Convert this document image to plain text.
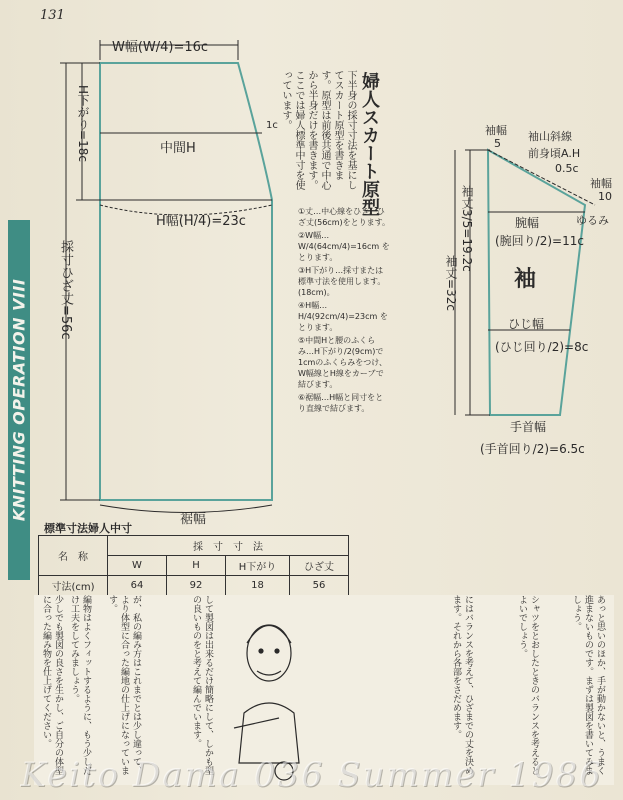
131
KNITTING OPERATION VIII
W幅(W/4)=16c
H下がり=18c	中間H
H幅(H/4)=23c
採寸ひざ丈=56c
裾幅
1c	婦人スカート原型
下半身の採寸寸法を基にしてスカート原型を書きます。原型は前後共通で中心から半身だけを書きます。ここでは婦人標準中寸を使っています。
①丈…中心線をひき、ひざ丈(56cm)をとります。
②W幅…W/4(64cm/4)=16cm をとります。
③H下がり…採寸または標準寸法を使用します。(18cm)。
④H幅…H/4(92cm/4)=23cm をとります。
⑤中間Hと腰のふくらみ…H下がり/2(9cm)で1cmのふくらみをつけ、W幅線とH線をカーブで結びます。
⑥裾幅…H幅と同寸をとり直線で結びます。
袖幅
5
袖山斜線
前身頃A.H
0.5c
袖幅
10
ゆるみ
袖丈3/5=19.2c	腕幅
(腕回り/2)=11c
袖
袖丈=32c
ひじ幅
(ひじ回り/2)=8c
手首幅
(手首回り/2)=6.5c
標準寸法婦人中寸
名　称	採　寸　寸　法			
	W	H	H下がり	ひざ丈
寸法(cm)	64	92	18	56
あっと思いのほか、手が動かないと、うまく進まないものです。まずは製図を書いてみましょう。
シャツをとおしたときのバランスを考えるとよいでしょう。
にはバランスを考えて、ひざまでの丈を決めます。それから各部をさだめます。
して製図は出来るだけ簡略にして、しかも型の良いものをと考えて編んでいます。
が、私の編み方はこれまでとは少し違って、より体型に合った編地の仕上げになっています。
編物はよくフィットするように、もう少しだけ工夫をしてみましょう。
少しでも製図の良さを生かし、ご自分の体型に合った編み物を仕上げてください。
Keito Dama 036 Summer 1986
